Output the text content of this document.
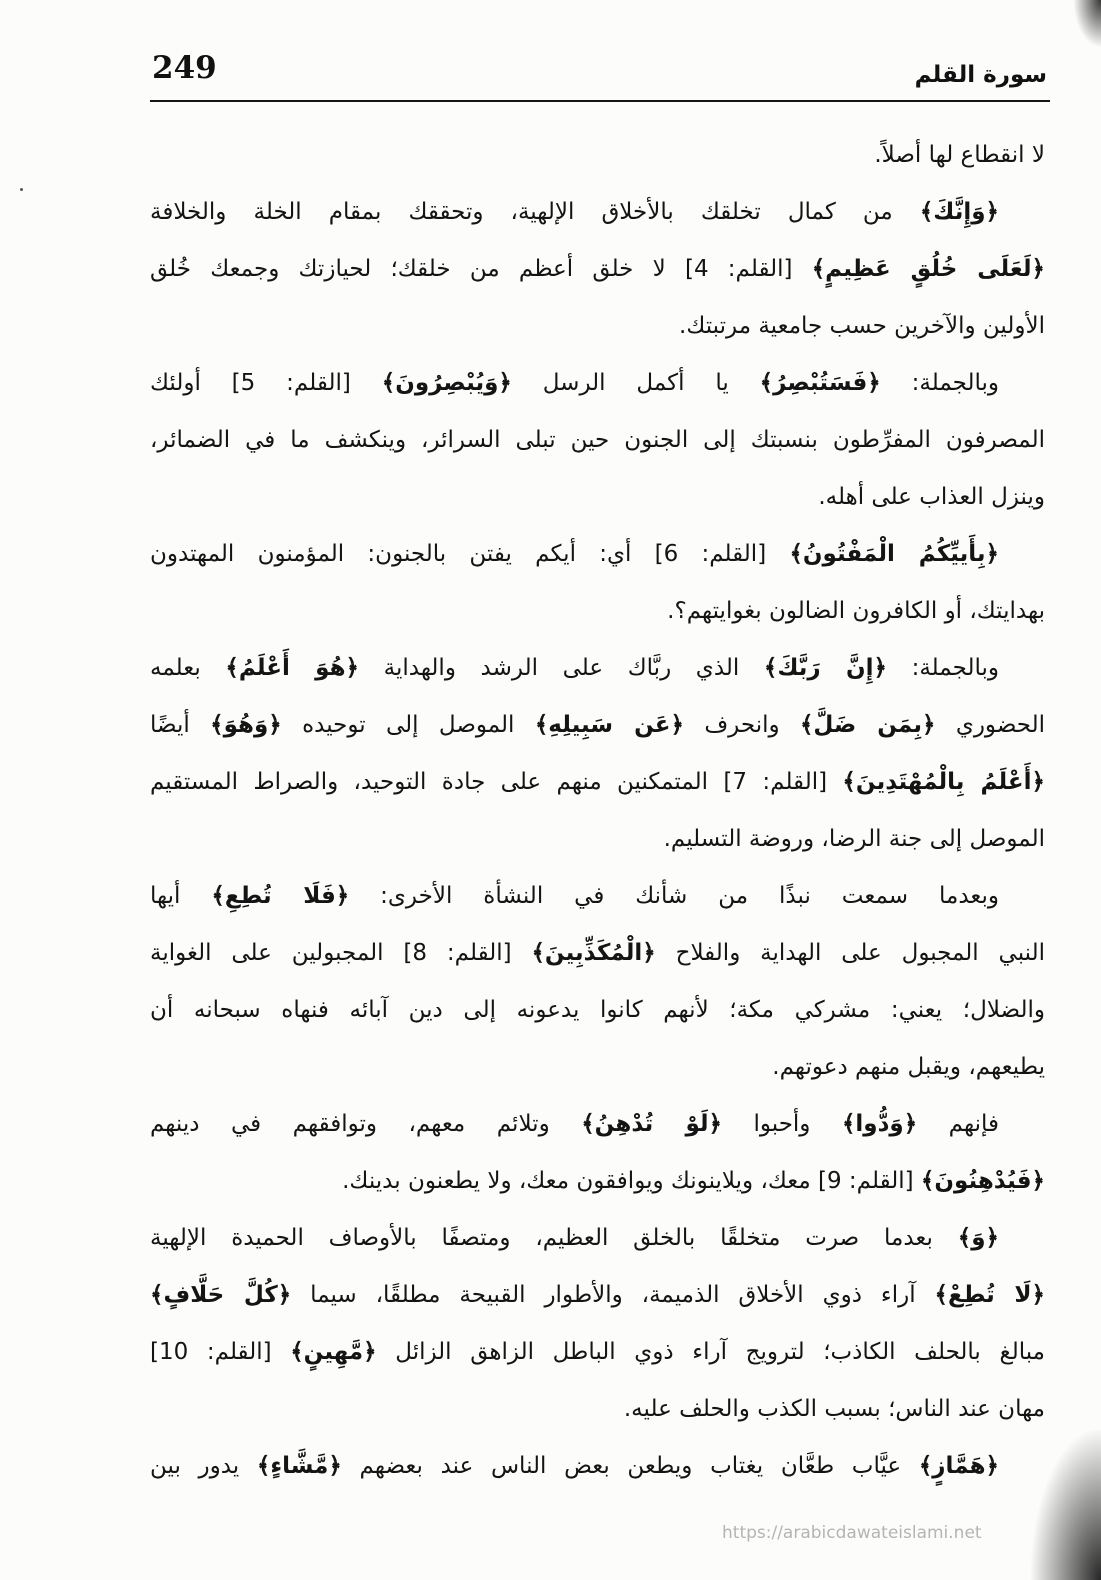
249	سورة القلم
لا انقطاع لها أصلاً.
﴿وَإِنَّكَ﴾ من كمال تخلقك بالأخلاق الإلهية، وتحققك بمقام الخلة والخلافة
﴿لَعَلَى خُلُقٍ عَظِيمٍ﴾ [القلم: 4] لا خلق أعظم من خلقك؛ لحيازتك وجمعك خُلق
الأولين والآخرين حسب جامعية مرتبتك.
وبالجملة: ﴿فَسَتُبْصِرُ﴾ يا أكمل الرسل ﴿وَيُبْصِرُونَ﴾ [القلم: 5] أولئك
المصرفون المفرِّطون بنسبتك إلى الجنون حين تبلى السرائر، وينكشف ما في الضمائر،
وينزل العذاب على أهله.
﴿بِأَييِّكُمُ الْمَفْتُونُ﴾ [القلم: 6] أي: أيكم يفتن بالجنون: المؤمنون المهتدون
بهدايتك، أو الكافرون الضالون بغوايتهم؟.
وبالجملة: ﴿إِنَّ رَبَّكَ﴾ الذي ربَّاك على الرشد والهداية ﴿هُوَ أَعْلَمُ﴾ بعلمه
الحضوري ﴿بِمَن ضَلَّ﴾ وانحرف ﴿عَن سَبِيلِهِ﴾ الموصل إلى توحيده ﴿وَهُوَ﴾ أيضًا
﴿أَعْلَمُ بِالْمُهْتَدِينَ﴾ [القلم: 7] المتمكنين منهم على جادة التوحيد، والصراط المستقيم
الموصل إلى جنة الرضا، وروضة التسليم.
وبعدما سمعت نبذًا من شأنك في النشأة الأخرى: ﴿فَلَا تُطِعِ﴾ أيها
النبي المجبول على الهداية والفلاح ﴿الْمُكَذِّبِينَ﴾ [القلم: 8] المجبولين على الغواية
والضلال؛ يعني: مشركي مكة؛ لأنهم كانوا يدعونه إلى دين آبائه فنهاه سبحانه أن
يطيعهم، ويقبل منهم دعوتهم.
فإنهم ﴿وَدُّوا﴾ وأحبوا ﴿لَوْ تُدْهِنُ﴾ وتلائم معهم، وتوافقهم في دينهم
﴿فَيُدْهِنُونَ﴾ [القلم: 9] معك، ويلاينونك ويوافقون معك، ولا يطعنون بدينك.
﴿وَ﴾ بعدما صرت متخلقًا بالخلق العظيم، ومتصفًا بالأوصاف الحميدة الإلهية
﴿لَا تُطِعْ﴾ آراء ذوي الأخلاق الذميمة، والأطوار القبيحة مطلقًا، سيما ﴿كُلَّ حَلَّافٍ﴾
مبالغ بالحلف الكاذب؛ لترويج آراء ذوي الباطل الزاهق الزائل ﴿مَّهِينٍ﴾ [القلم: 10]
مهان عند الناس؛ بسبب الكذب والحلف عليه.
﴿هَمَّازٍ﴾ عيَّاب طعَّان يغتاب ويطعن بعض الناس عند بعضهم ﴿مَّشَّاءٍ﴾ يدور بين
https://arabicdawateislami.net
